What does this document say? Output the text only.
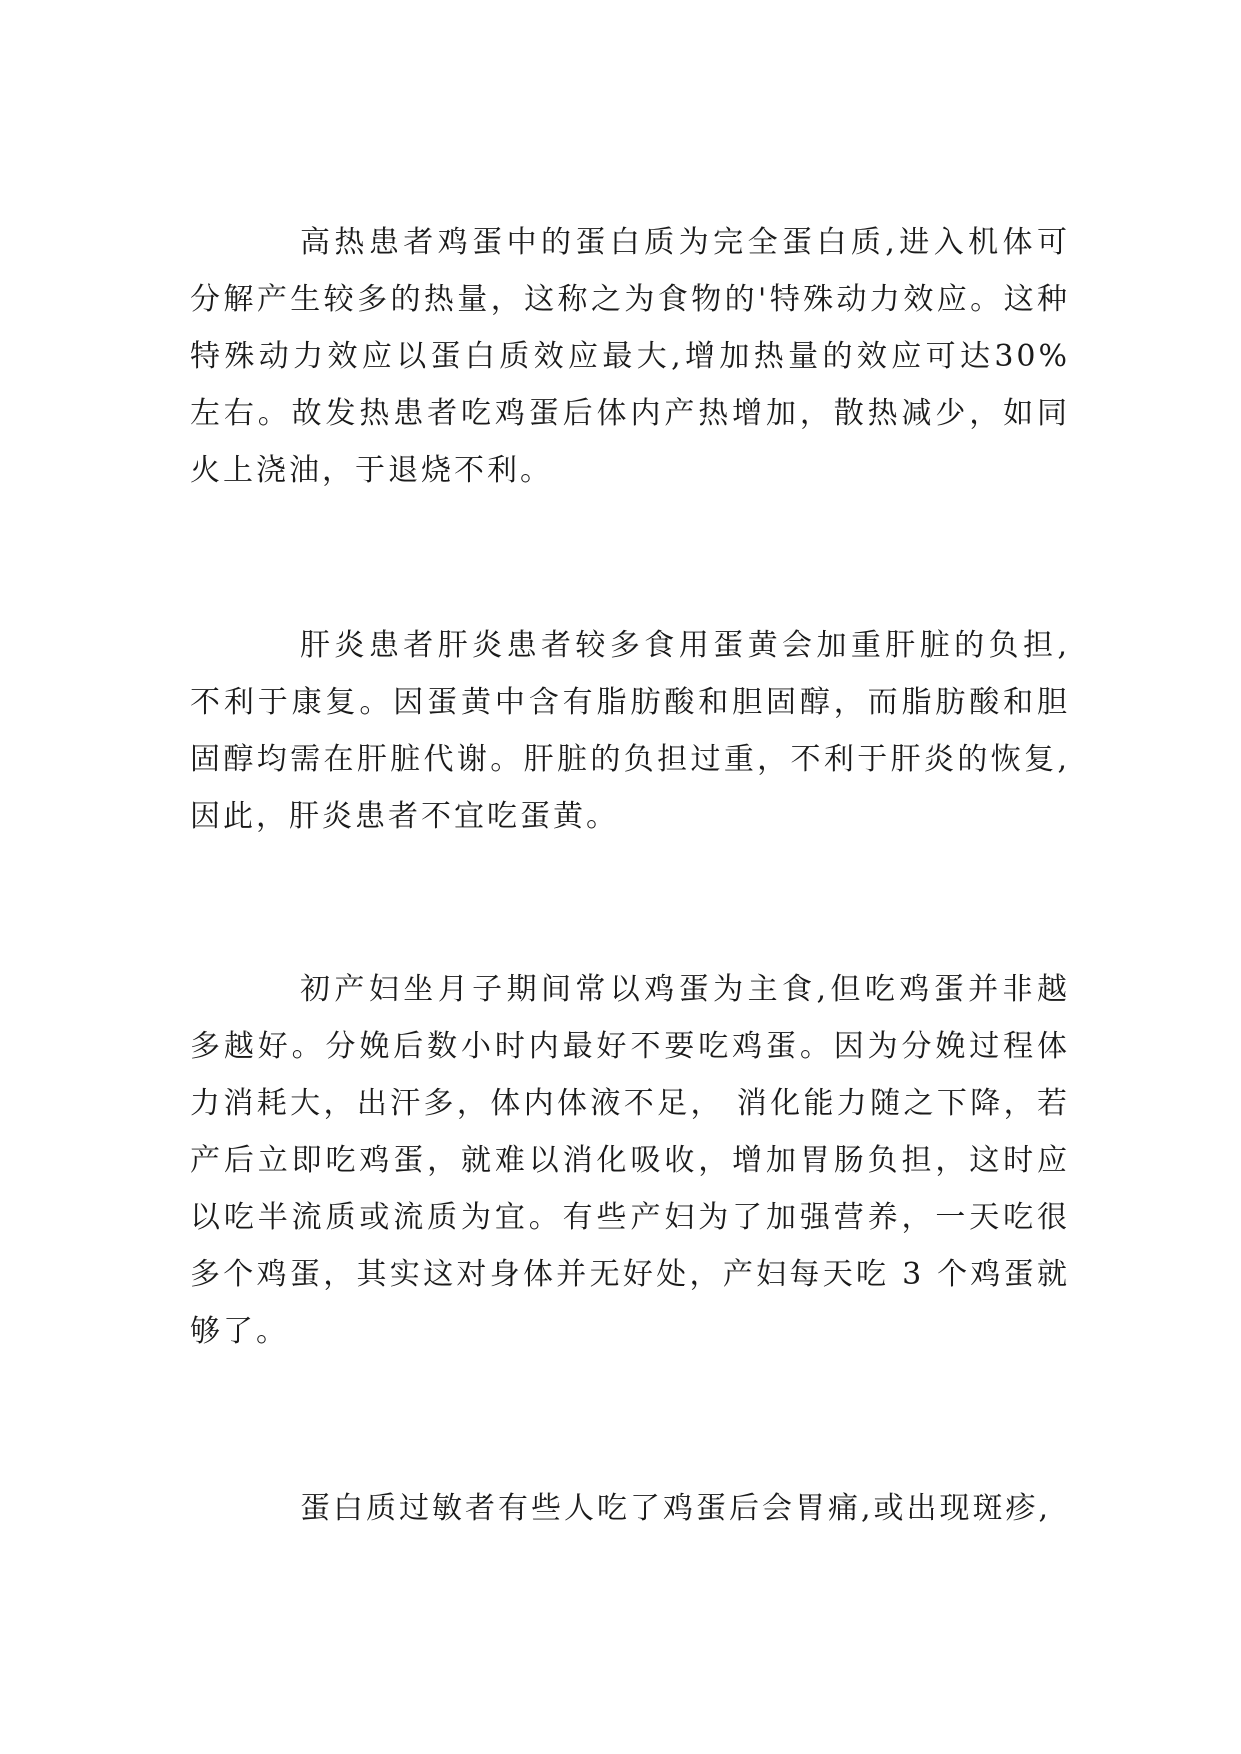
高热患者鸡蛋中的蛋白质为完全蛋白质,进入机体可分解产生较多的热量，这称之为食物的'特殊动力效应。这种特殊动力效应以蛋白质效应最大,增加热量的效应可达30%左右。故发热患者吃鸡蛋后体内产热增加，散热减少，如同火上浇油，于退烧不利。

肝炎患者肝炎患者较多食用蛋黄会加重肝脏的负担,不利于康复。因蛋黄中含有脂肪酸和胆固醇，而脂肪酸和胆固醇均需在肝脏代谢。肝脏的负担过重，不利于肝炎的恢复,因此，肝炎患者不宜吃蛋黄。

初产妇坐月子期间常以鸡蛋为主食,但吃鸡蛋并非越多越好。分娩后数小时内最好不要吃鸡蛋。因为分娩过程体力消耗大，出汗多，体内体液不足， 消化能力随之下降，若产后立即吃鸡蛋，就难以消化吸收，增加胃肠负担，这时应以吃半流质或流质为宜。有些产妇为了加强营养，一天吃很多个鸡蛋，其实这对身体并无好处，产妇每天吃 3 个鸡蛋就够了。

蛋白质过敏者有些人吃了鸡蛋后会胃痛,或出现斑疹,
